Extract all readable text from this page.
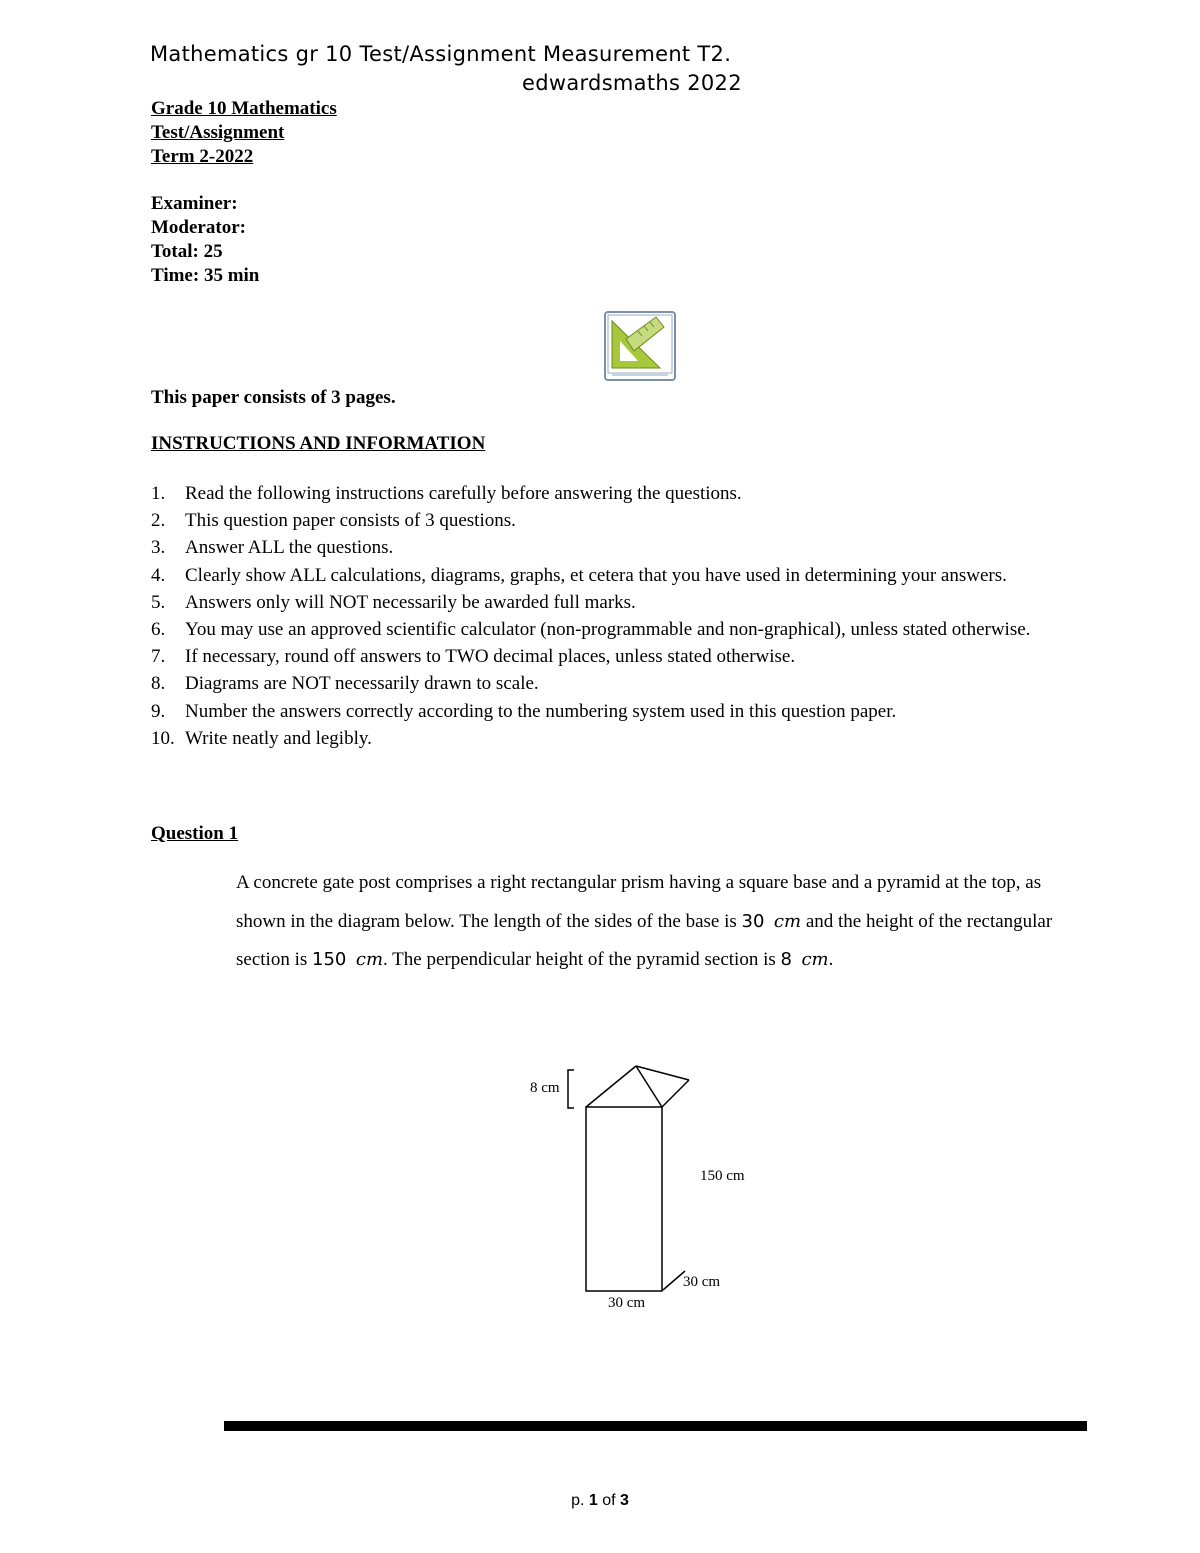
Mathematics gr 10 Test/Assignment Measurement T2.
edwardsmaths 2022
Grade 10 Mathematics
Test/Assignment
Term 2-2022
Examiner:
Moderator:
Total: 25
Time: 35 min
This paper consists of 3 pages.
INSTRUCTIONS AND INFORMATION
1. Read the following instructions carefully before answering the questions.
2. This question paper consists of 3 questions.
3. Answer ALL the questions.
4. Clearly show ALL calculations, diagrams, graphs, et cetera that you have used in determining your answers.
5. Answers only will NOT necessarily be awarded full marks.
6. You may use an approved scientific calculator (non-programmable and non-graphical), unless stated otherwise.
7. If necessary, round off answers to TWO decimal places, unless stated otherwise.
8. Diagrams are NOT necessarily drawn to scale.
9. Number the answers correctly according to the numbering system used in this question paper.
10. Write neatly and legibly.
Question 1
A concrete gate post comprises a right rectangular prism having a square base and a pyramid at the top, as shown in the diagram below. The length of the sides of the base is 30 cm and the height of the rectangular section is 150 cm. The perpendicular height of the pyramid section is 8 cm.
8 cm
150 cm
30 cm
30 cm
p. 1 of 3
